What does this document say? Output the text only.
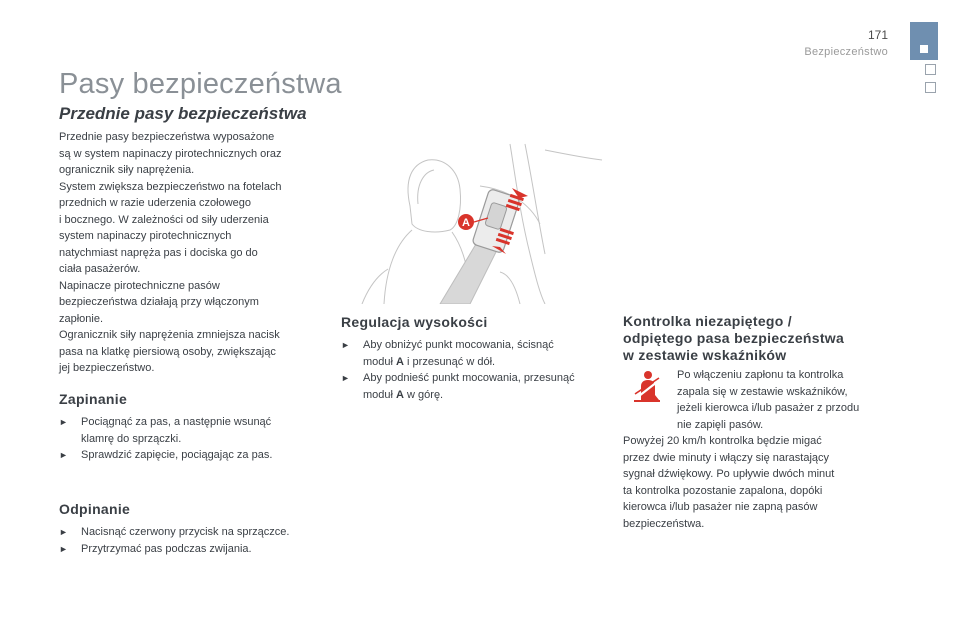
171
Bezpieczeństwo
Pasy bezpieczeństwa
Przednie pasy bezpieczeństwa
Przednie pasy bezpieczeństwa wyposażone
są w system napinaczy pirotechnicznych oraz
ogranicznik siły naprężenia.
System zwiększa bezpieczeństwo na fotelach
przednich w razie uderzenia czołowego
i bocznego. W zależności od siły uderzenia
system napinaczy pirotechnicznych
natychmiast napręża pas i dociska go do
ciała pasażerów.
Napinacze pirotechniczne pasów
bezpieczeństwa działają przy włączonym
zapłonie.
Ogranicznik siły naprężenia zmniejsza nacisk
pasa na klatkę piersiową osoby, zwiększając
jej bezpieczeństwo.
Zapinanie
► Pociągnąć za pas, a następnie wsunąć
klamrę do sprzączki.
► Sprawdzić zapięcie, pociągając za pas.
Odpinanie
► Nacisnąć czerwony przycisk na sprzączce.
► Przytrzymać pas podczas zwijania.
A
Regulacja wysokości
► Aby obniżyć punkt mocowania, ścisnąć
moduł A i przesunąć w dół.
► Aby podnieść punkt mocowania, przesunąć
moduł A w górę.
Kontrolka niezapiętego /
odpiętego pasa bezpieczeństwa
w zestawie wskaźników
Po włączeniu zapłonu ta kontrolka
zapala się w zestawie wskaźników,
jeżeli kierowca i/lub pasażer z przodu
nie zapięli pasów.
Powyżej 20 km/h kontrolka będzie migać
przez dwie minuty i włączy się narastający
sygnał dźwiękowy. Po upływie dwóch minut
ta kontrolka pozostanie zapalona, dopóki
kierowca i/lub pasażer nie zapną pasów
bezpieczeństwa.
